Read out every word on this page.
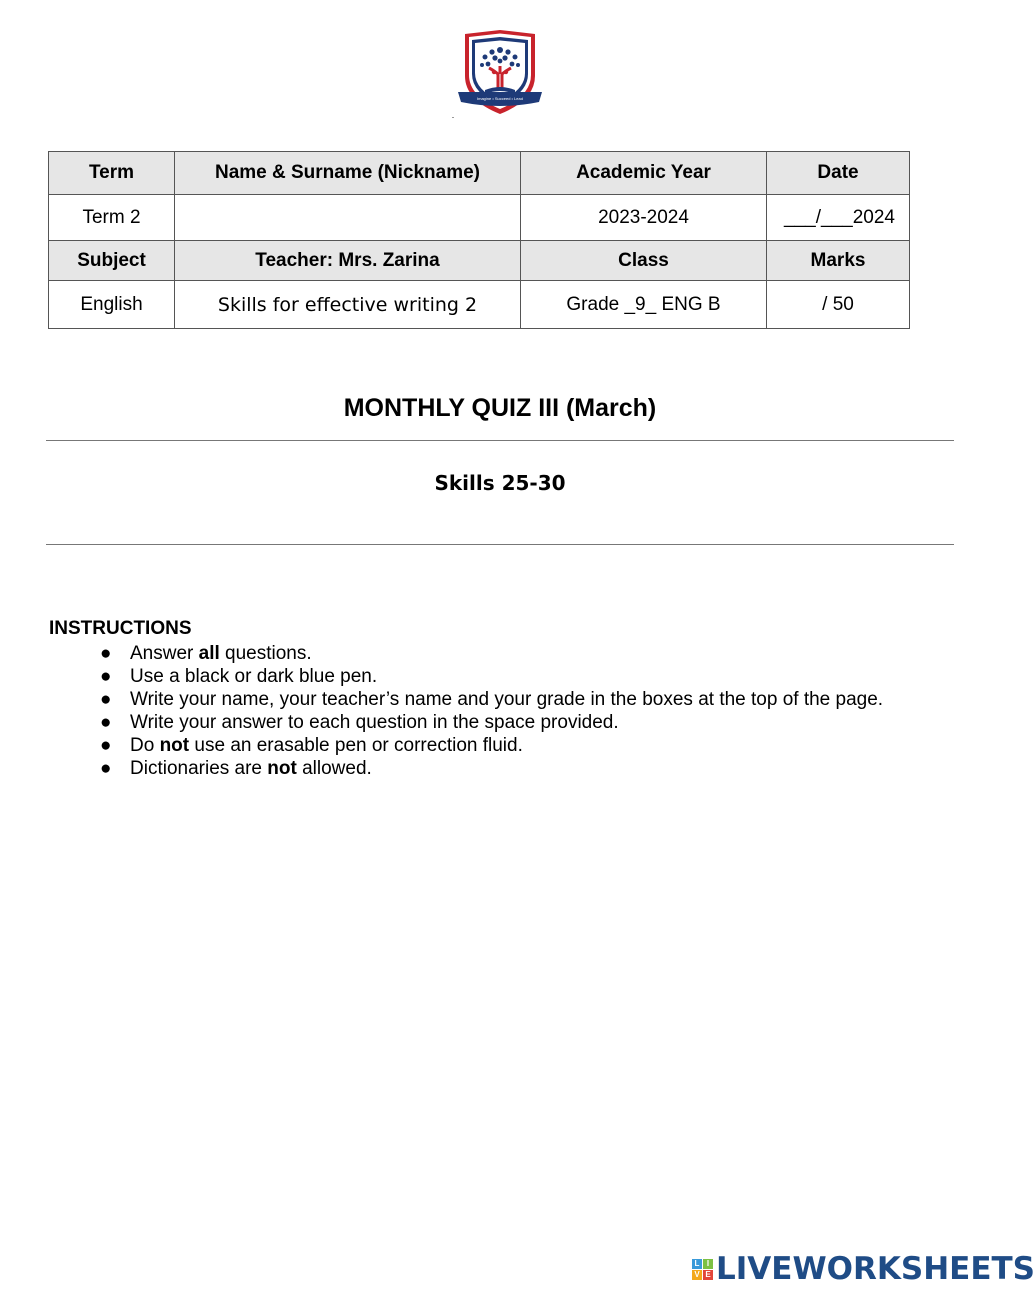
Imagine • Succeed • Lead
Term	Name & Surname (Nickname)	Academic Year	Date
Term 2		2023-2024	___/___2024
Subject	Teacher: Mrs. Zarina	Class	Marks
English	Skills for effective writing 2	Grade _9_ ENG B	/ 50
MONTHLY QUIZ III (March)
Skills 25-30
INSTRUCTIONS
● Answer all questions.
● Use a black or dark blue pen.
● Write your name, your teacher’s name and your grade in the boxes at the top of the page.
● Write your answer to each question in the space provided.
● Do not use an erasable pen or correction fluid.
● Dictionaries are not allowed.
L I
V E LIVEWORKSHEETS
